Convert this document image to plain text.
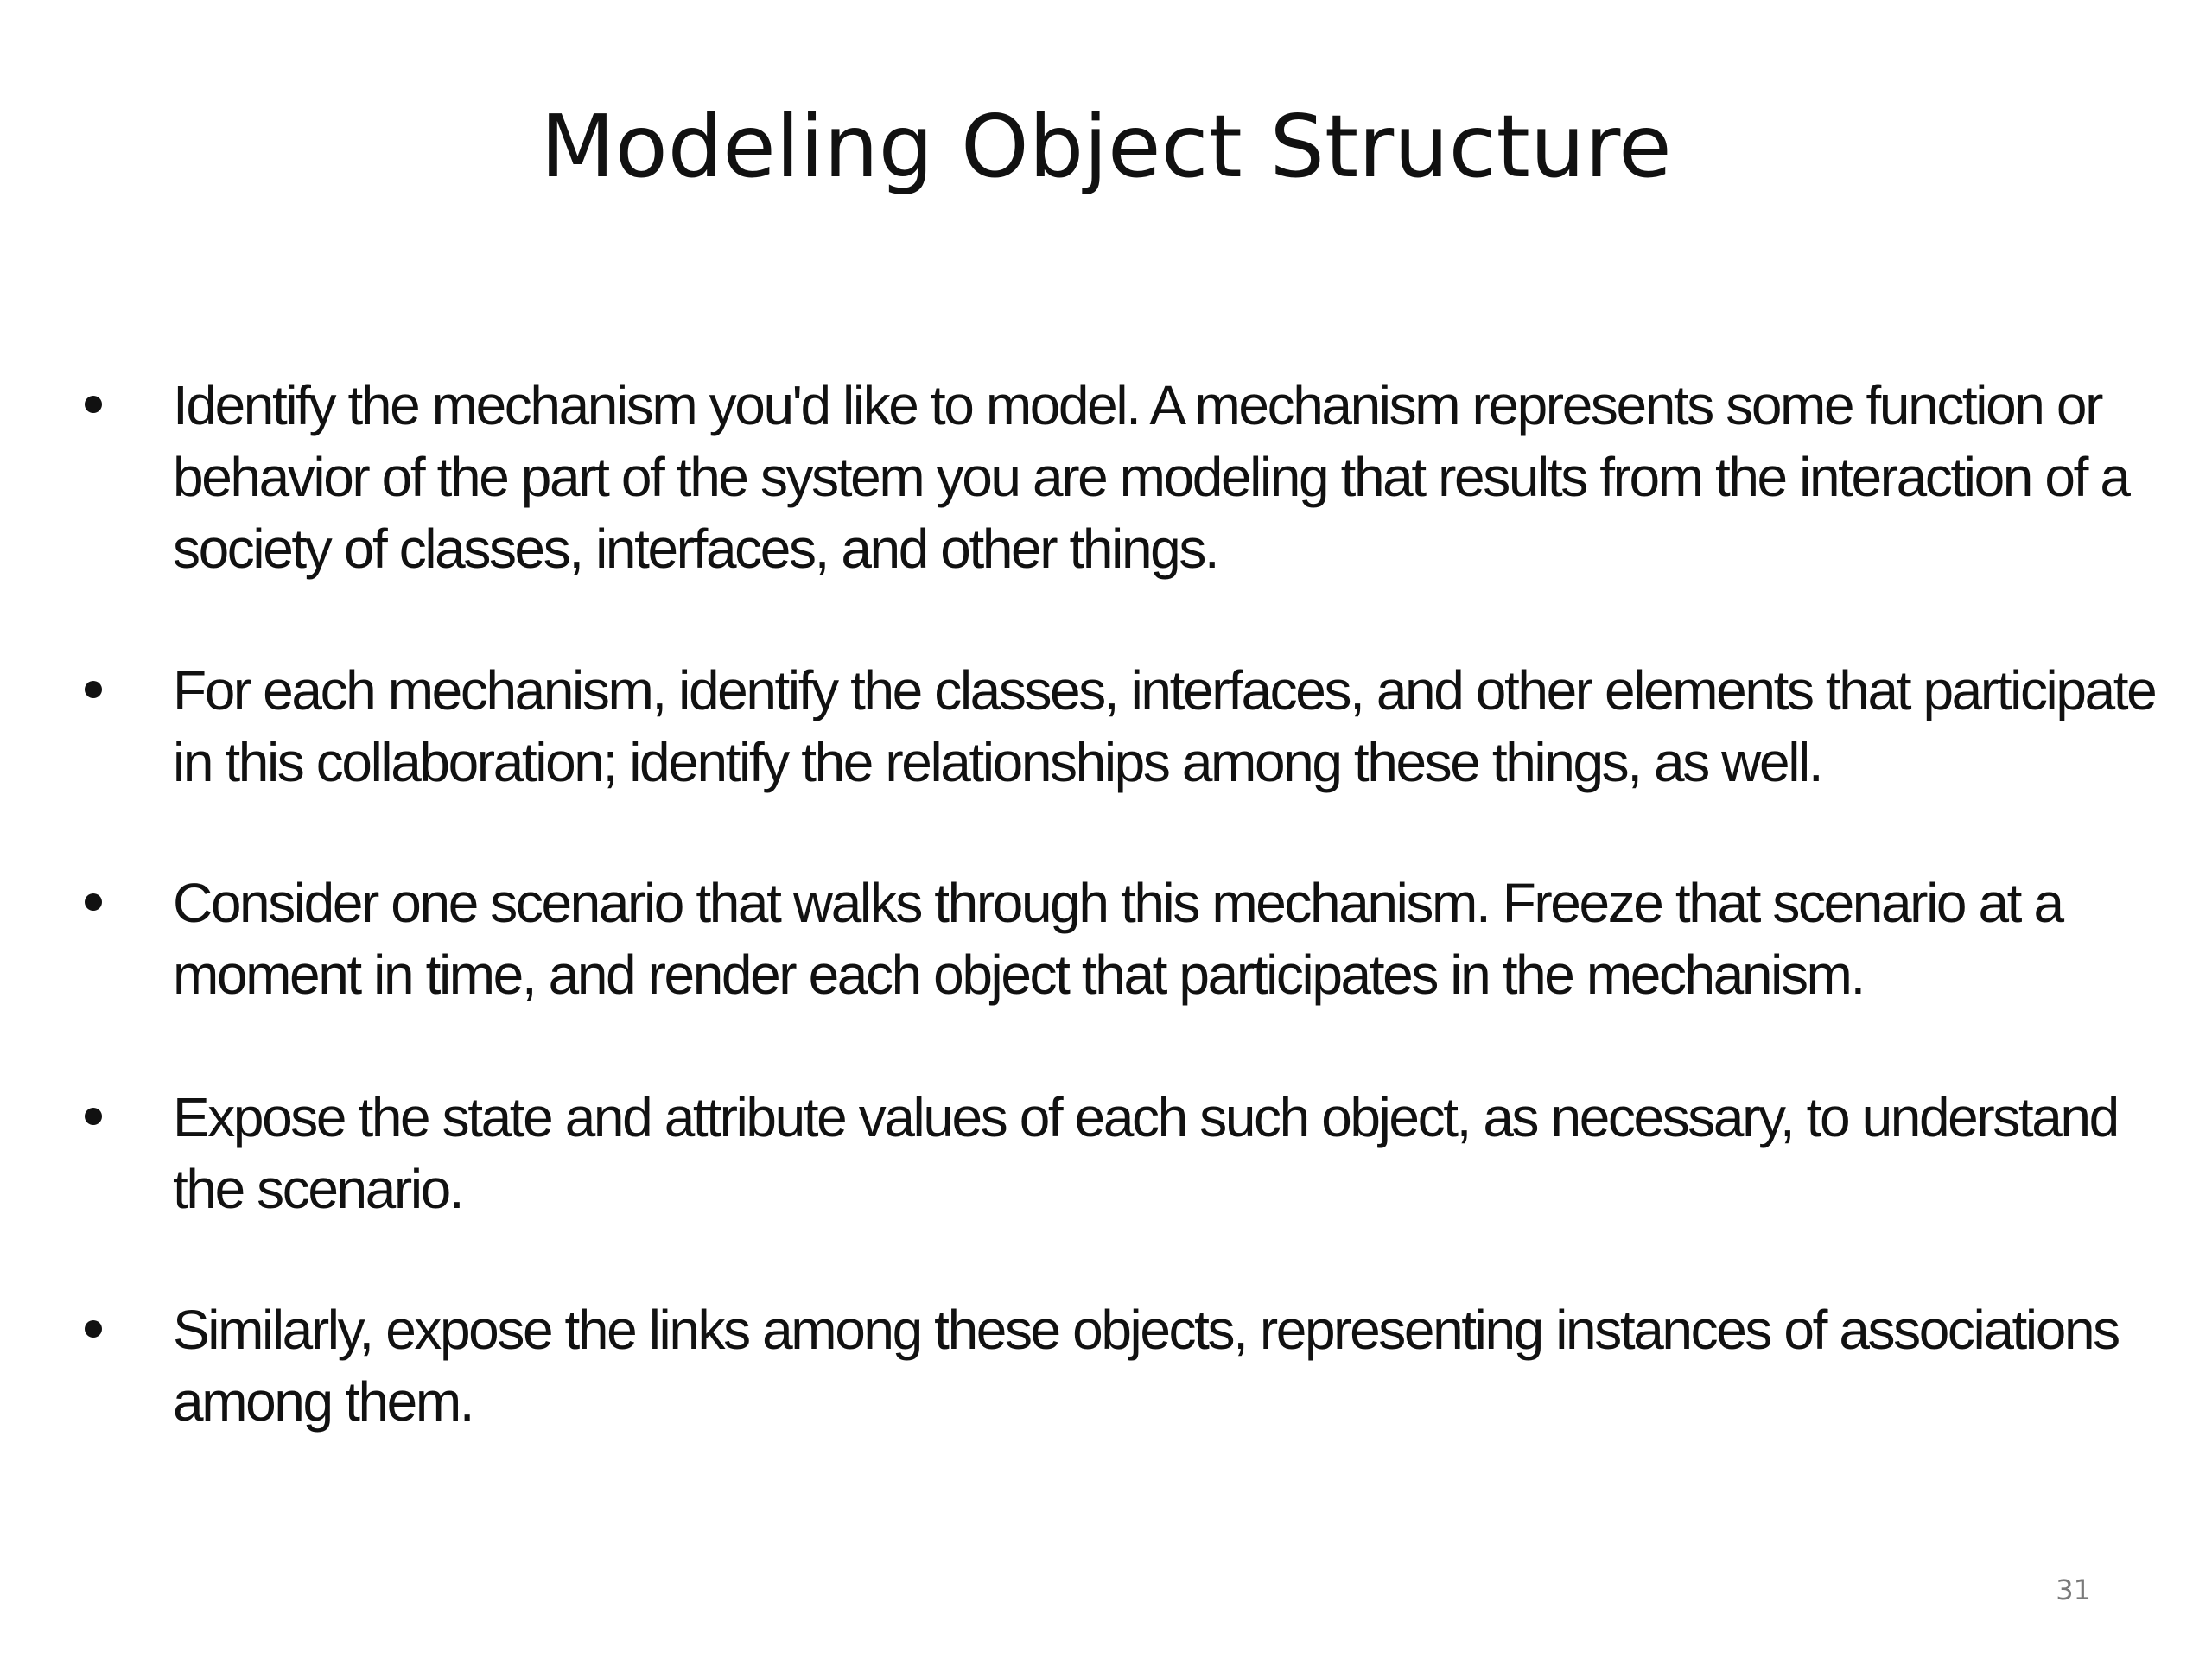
Modeling Object Structure
Identify the mechanism you'd like to model. A mechanism represents some function or behavior of the part of the system you are modeling that results from the interaction of a society of classes, interfaces, and other things.
For each mechanism, identify the classes, interfaces, and other elements that participate in this collaboration; identify the relationships among these things, as well.
Consider one scenario that walks through this mechanism. Freeze that scenario at a moment in time, and render each object that participates in the mechanism.
Expose the state and attribute values of each such object, as necessary, to understand the scenario.
Similarly, expose the links among these objects, representing instances of associations among them.
31
